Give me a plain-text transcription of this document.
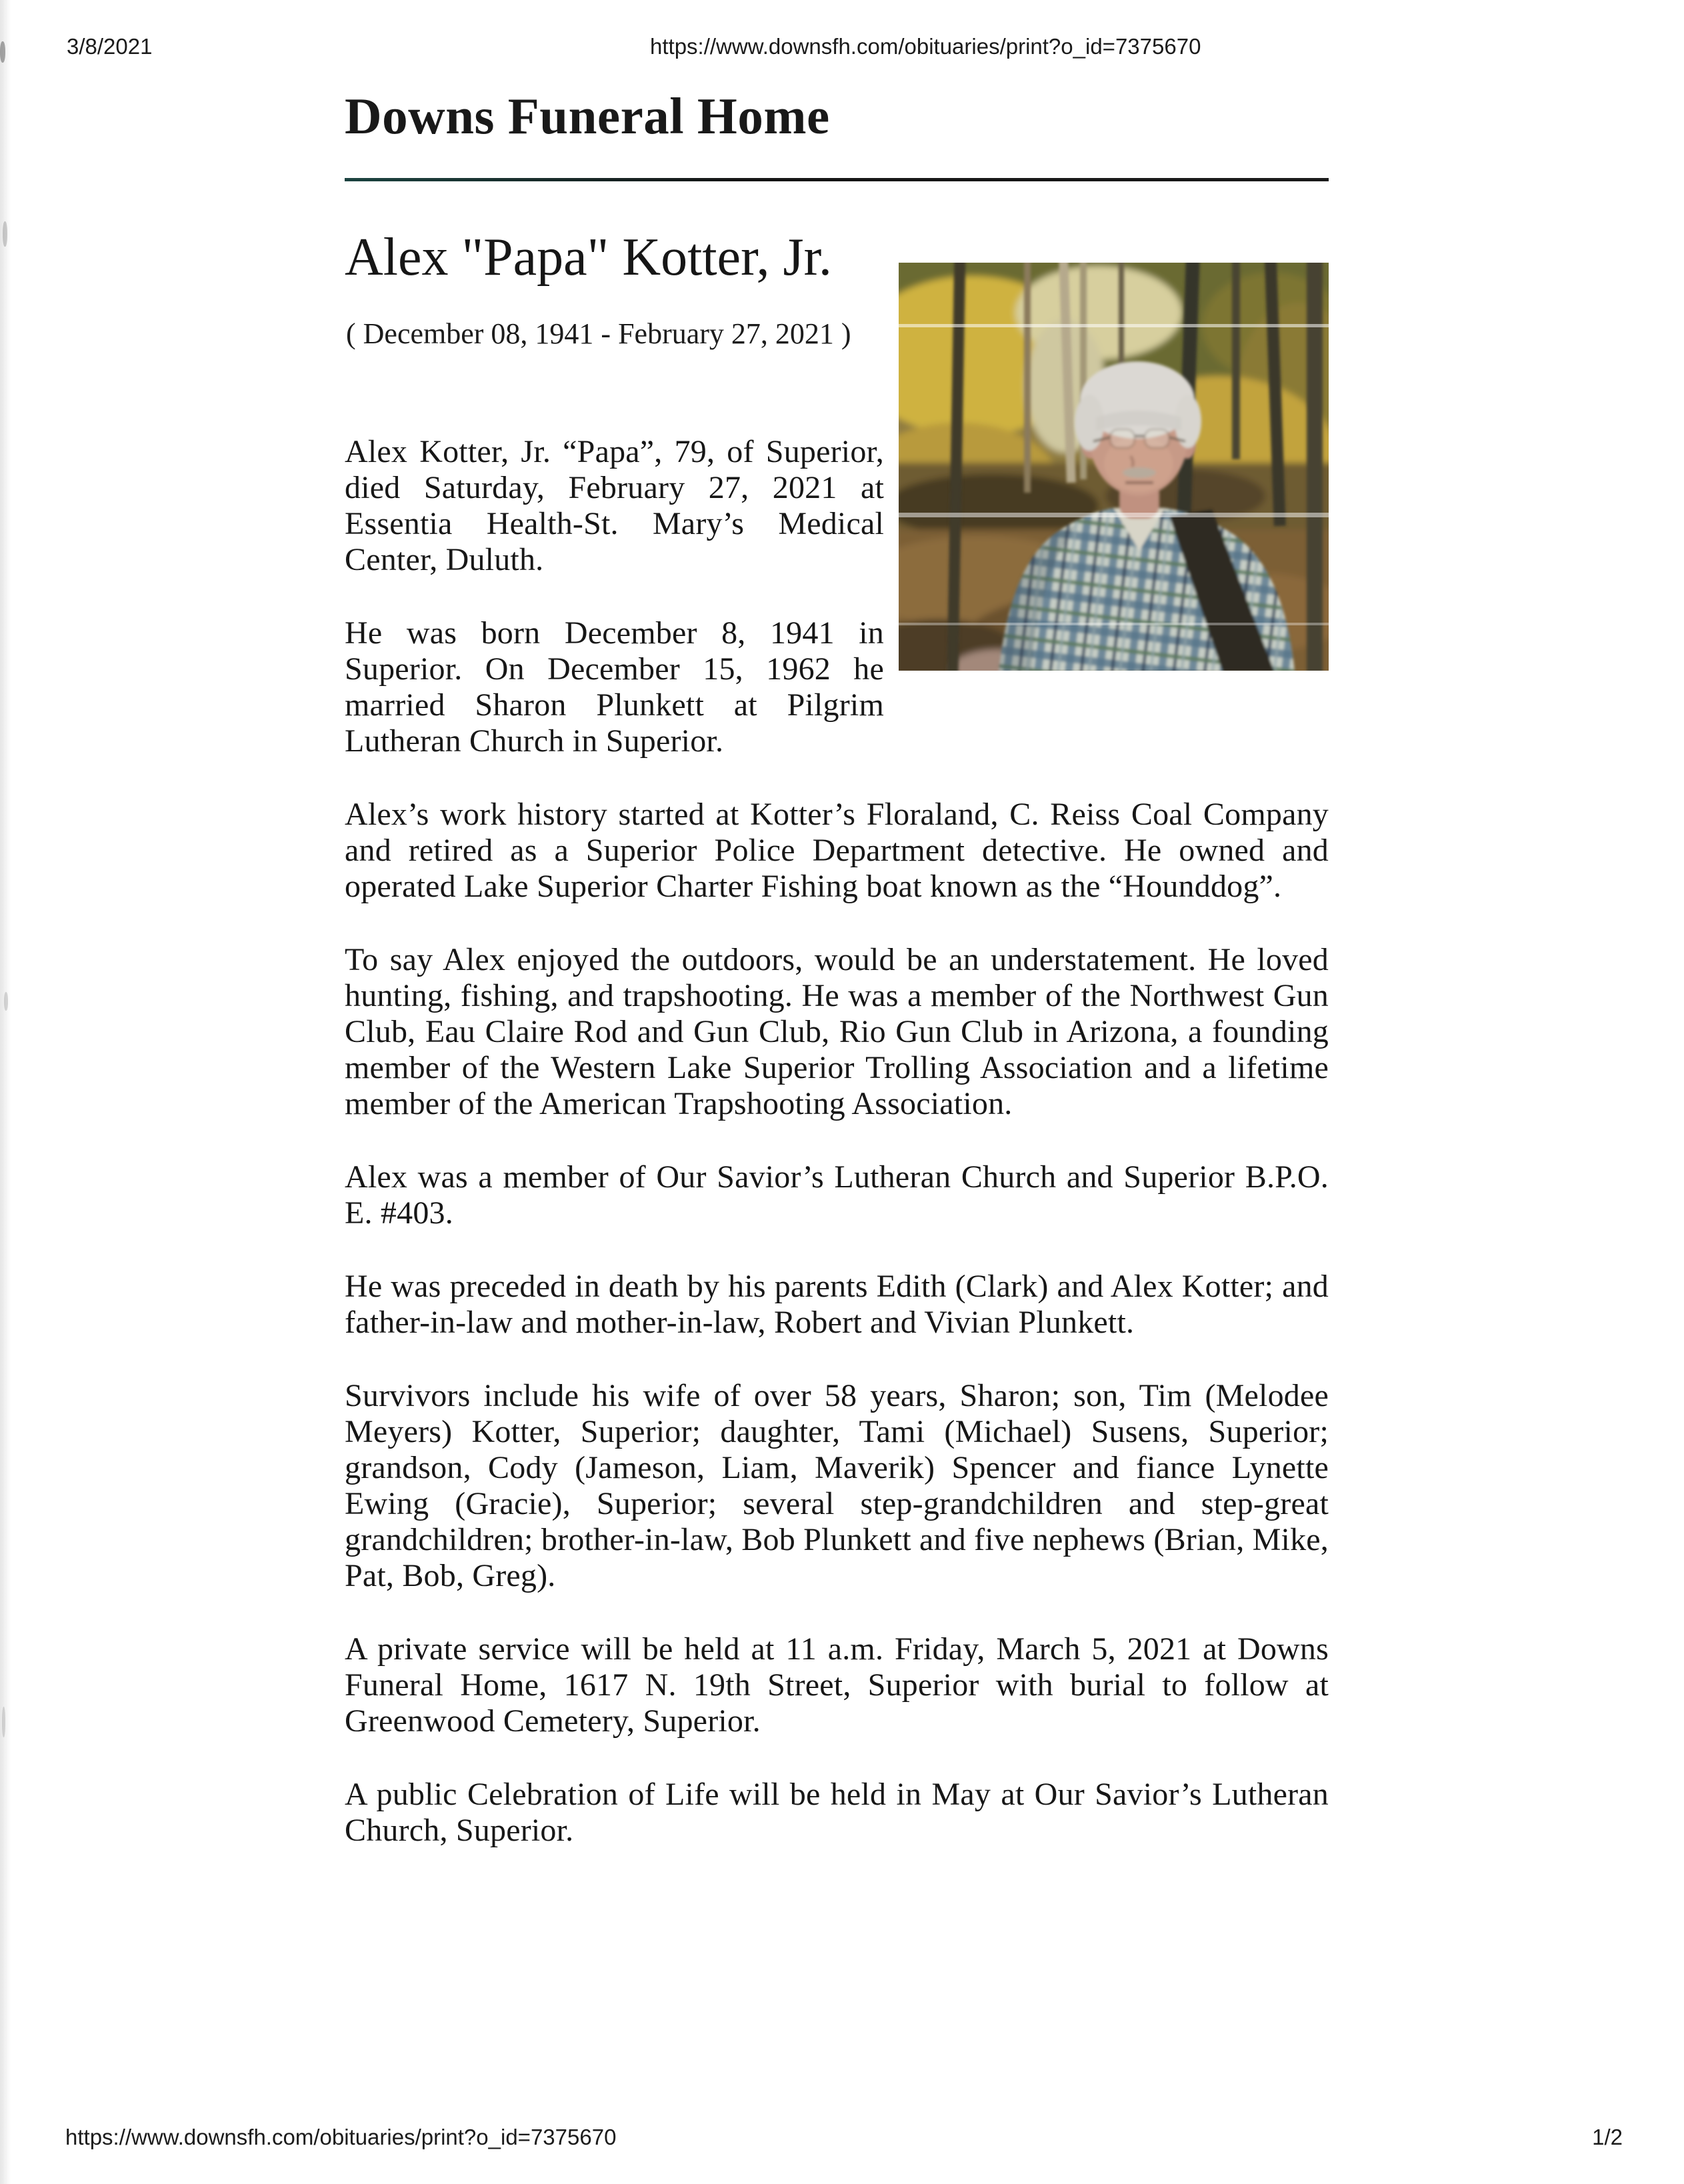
3/8/2021	https://www.downsfh.com/obituaries/print?o_id=7375670
Downs Funeral Home
Alex "Papa" Kotter, Jr.

( December 08, 1941 - February 27, 2021 )

Alex Kotter, Jr. “Papa”, 79, of Superior, died Saturday, February 27, 2021 at Essentia Health-St. Mary’s Medical Center, Duluth.

He was born December 8, 1941 in Superior. On December 15, 1962 he married Sharon Plunkett at Pilgrim Lutheran Church in Superior.

Alex’s work history started at Kotter’s Floraland, C. Reiss Coal Company and retired as a Superior Police Department detective. He owned and operated Lake Superior Charter Fishing boat known as the “Hounddog”.

To say Alex enjoyed the outdoors, would be an understatement. He loved hunting, fishing, and trapshooting. He was a member of the Northwest Gun Club, Eau Claire Rod and Gun Club, Rio Gun Club in Arizona, a founding member of the Western Lake Superior Trolling Association and a lifetime member of the American Trapshooting Association.

Alex was a member of Our Savior’s Lutheran Church and Superior B.P.O. E. #403.

He was preceded in death by his parents Edith (Clark) and Alex Kotter; and father-in-law and mother-in-law, Robert and Vivian Plunkett.

Survivors include his wife of over 58 years, Sharon; son, Tim (Melodee Meyers) Kotter, Superior; daughter, Tami (Michael) Susens, Superior; grandson, Cody (Jameson, Liam, Maverik) Spencer and fiance Lynette Ewing (Gracie), Superior; several step-grandchildren and step-great grandchildren; brother-in-law, Bob Plunkett and five nephews (Brian, Mike, Pat, Bob, Greg).

A private service will be held at 11 a.m. Friday, March 5, 2021 at Downs Funeral Home, 1617 N. 19th Street, Superior with burial to follow at Greenwood Cemetery, Superior.

A public Celebration of Life will be held in May at Our Savior’s Lutheran Church, Superior.

https://www.downsfh.com/obituaries/print?o_id=7375670	1/2
